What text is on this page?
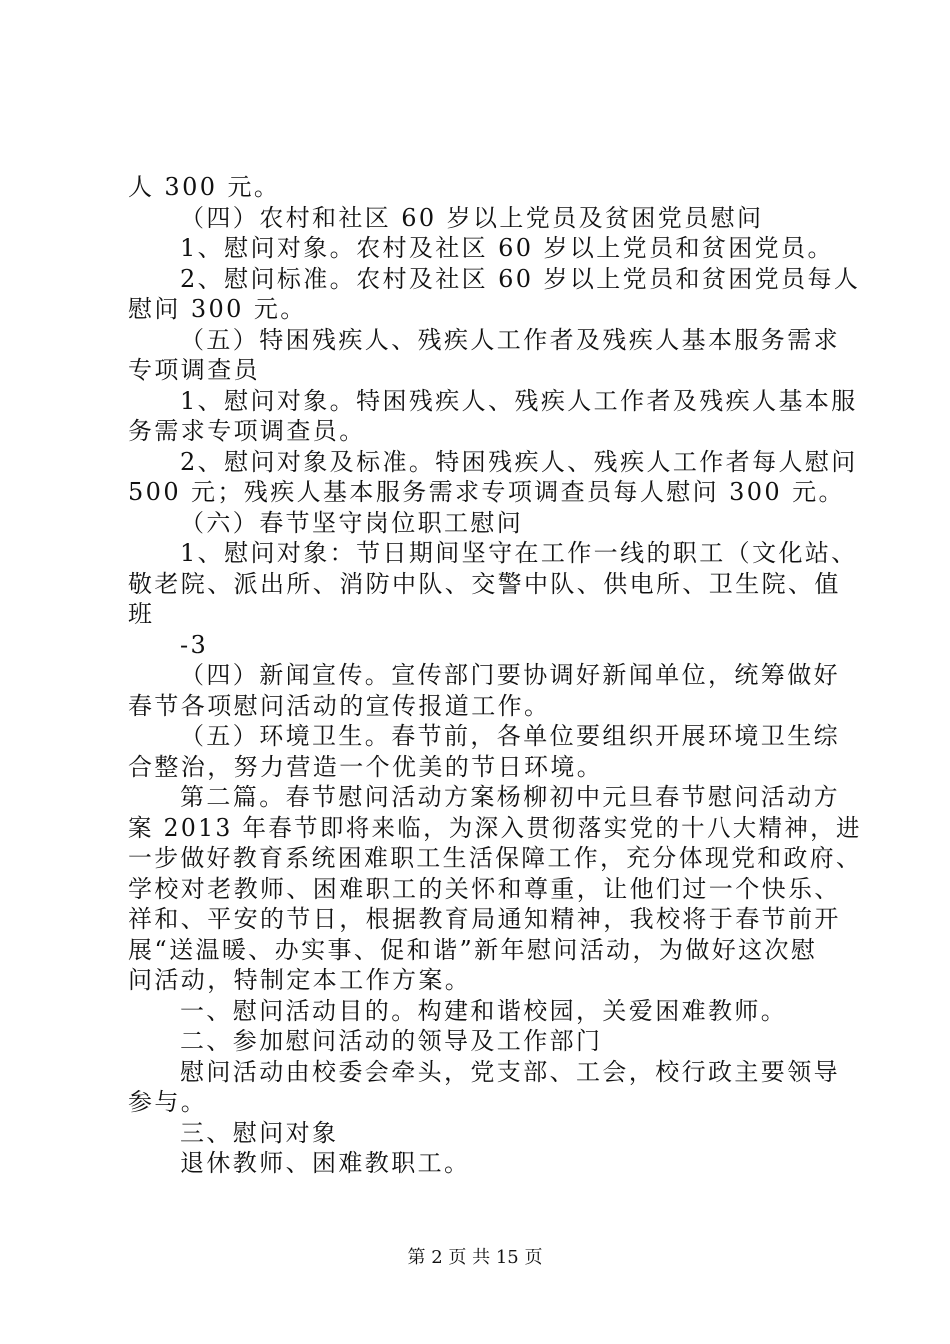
人 300 元。
（四）农村和社区 60 岁以上党员及贫困党员慰问
1、慰问对象。农村及社区 60 岁以上党员和贫困党员。
2、慰问标准。农村及社区 60 岁以上党员和贫困党员每人
慰问 300 元。
（五）特困残疾人、残疾人工作者及残疾人基本服务需求
专项调查员
1、慰问对象。特困残疾人、残疾人工作者及残疾人基本服
务需求专项调查员。
2、慰问对象及标准。特困残疾人、残疾人工作者每人慰问
500 元；残疾人基本服务需求专项调查员每人慰问 300 元。
（六）春节坚守岗位职工慰问
1、慰问对象：节日期间坚守在工作一线的职工（文化站、
敬老院、派出所、消防中队、交警中队、供电所、卫生院、值
班
-3
（四）新闻宣传。宣传部门要协调好新闻单位，统筹做好
春节各项慰问活动的宣传报道工作。
（五）环境卫生。春节前，各单位要组织开展环境卫生综
合整治，努力营造一个优美的节日环境。
第二篇。春节慰问活动方案杨柳初中元旦春节慰问活动方
案 2013 年春节即将来临，为深入贯彻落实党的十八大精神，进
一步做好教育系统困难职工生活保障工作，充分体现党和政府、
学校对老教师、困难职工的关怀和尊重，让他们过一个快乐、
祥和、平安的节日，根据教育局通知精神，我校将于春节前开
展“送温暖、办实事、促和谐”新年慰问活动，为做好这次慰
问活动，特制定本工作方案。
一、慰问活动目的。构建和谐校园，关爱困难教师。
二、参加慰问活动的领导及工作部门
慰问活动由校委会牵头，党支部、工会，校行政主要领导
参与。
三、慰问对象
退休教师、困难教职工。
第 2 页 共 15 页
